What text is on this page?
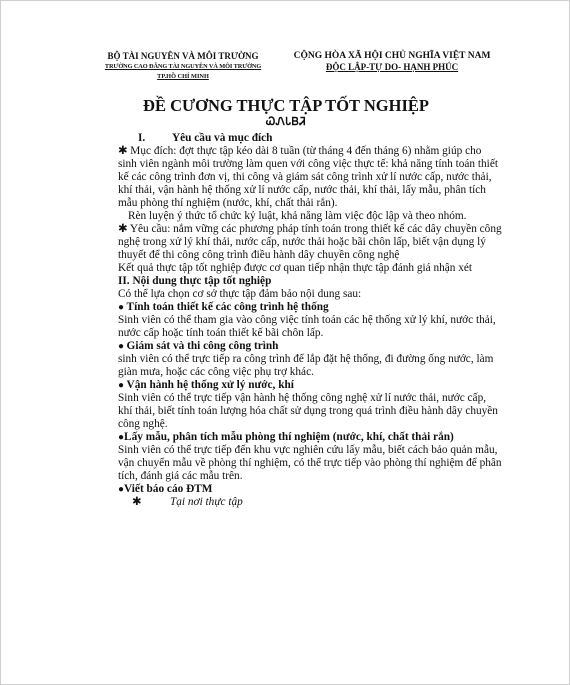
BỘ TÀI NGUYÊN VÀ MÔI TRƯỜNG
TRƯỜNG CAO ĐẲNG TÀI NGUYÊN VÀ MÔI TRƯỜNG
TP.HỒ CHÍ MINH
CỘNG HÒA XÃ HỘI CHỦ NGHĨA VIỆT NAM
ĐỘC LẬP-TỰ DO- HẠNH PHÚC
ĐỀ CƯƠNG THỰC TẬP TỐT NGHIỆP
ᏇᏁᏓᏴᏘ

I. Yêu cầu và mục đích

✱ Mục đích: đợt thực tập kéo dài 8 tuần (từ tháng 4 đến tháng 6) nhằm giúp cho sinh viên ngành môi trường làm quen với công việc thực tế: khả năng tính toán thiết kế các công trình đơn vị, thi công và giám sát công trình xử lí nước cấp, nước thải, khí thải, vận hành hệ thống xử lí nước cấp, nước thải, khí thải, lấy mẫu, phân tích mẫu phòng thí nghiệm (nước, khí, chất thải rắn).

Rèn luyện ý thức tổ chức kỷ luật, khả năng làm việc độc lập và theo nhóm.

✱ Yêu cầu: nắm vững các phương pháp tính toán trong thiết kế các dây chuyền công nghệ trong xử lý khí thải, nước cấp, nước thải hoặc bãi chôn lấp, biết vận dụng lý thuyết để thi công công trình điều hành dây chuyền công nghệ

Kết quả thực tập tốt nghiệp được cơ quan tiếp nhận thực tập đánh giá nhận xét

II. Nội dung thực tập tốt nghiệp

Có thể lựa chọn cơ sở thực tập đảm bảo nội dung sau:

● Tính toán thiết kế các công trình hệ thống

Sinh viên có thể tham gia vào công việc tính toán các hệ thống xử lý khí, nước thải, nước cấp hoặc tính toán thiết kế bãi chôn lấp.

● Giám sát và thi công công trình

sinh viên có thể trực tiếp ra công trình để lắp đặt hệ thống, đi đường ống nước, làm giàn mưa, hoặc các công việc phụ trợ khác.

● Vận hành hệ thống xử lý nước, khí

Sinh viên có thể trực tiếp vận hành hệ thống công nghệ xử lí nước thải, nước cấp, khí thải, biết tính toán lượng hóa chất sử dụng trong quá trình điều hành dây chuyền công nghệ.

●Lấy mẫu, phân tích mẫu phòng thí nghiệm (nước, khí, chất thải rắn)

Sinh viên có thể trực tiếp đến khu vực nghiên cứu lấy mẫu, biết cách bảo quản mẫu, vận chuyển mẫu về phòng thí nghiệm, có thể trực tiếp vào phòng thí nghiệm để phân tích, đánh giá các mẫu trên.

●Viết báo cáo ĐTM

✱	Tại nơi thực tập
